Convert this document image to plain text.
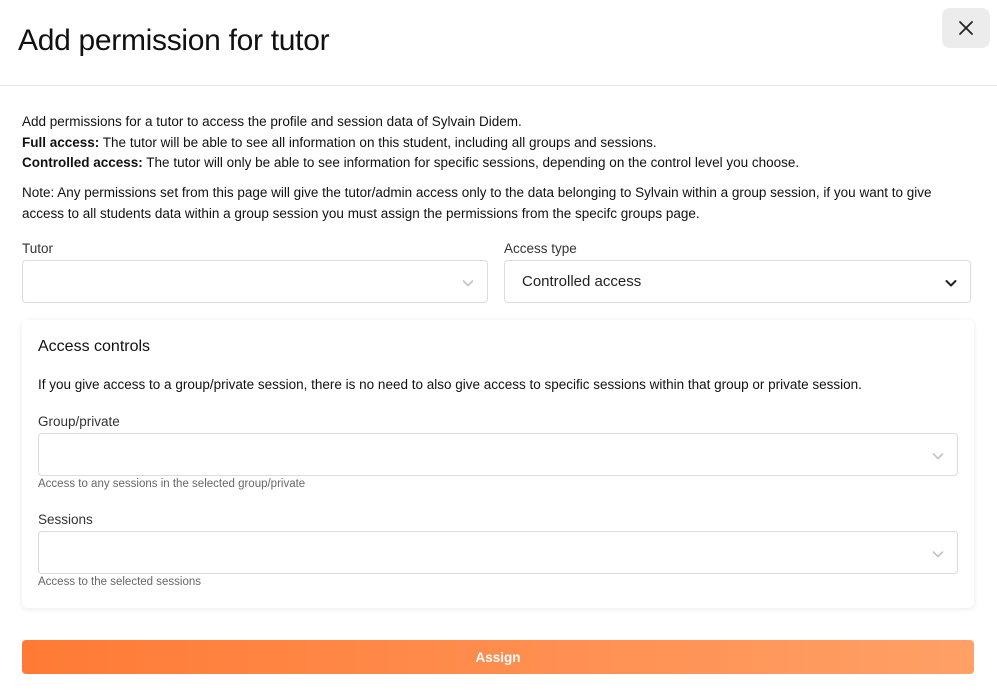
Add permission for tutor
Add permissions for a tutor to access the profile and session data of Sylvain Didem.
Full access: The tutor will be able to see all information on this student, including all groups and sessions.
Controlled access: The tutor will only be able to see information for specific sessions, depending on the control level you choose.
Note: Any permissions set from this page will give the tutor/admin access only to the data belonging to Sylvain within a group session, if you want to give access to all students data within a group session you must assign the permissions from the specifc groups page.
Tutor	Access type
Controlled access
Access controls
If you give access to a group/private session, there is no need to also give access to specific sessions within that group or private session.
Group/private
Access to any sessions in the selected group/private
Sessions
Access to the selected sessions
Assign
